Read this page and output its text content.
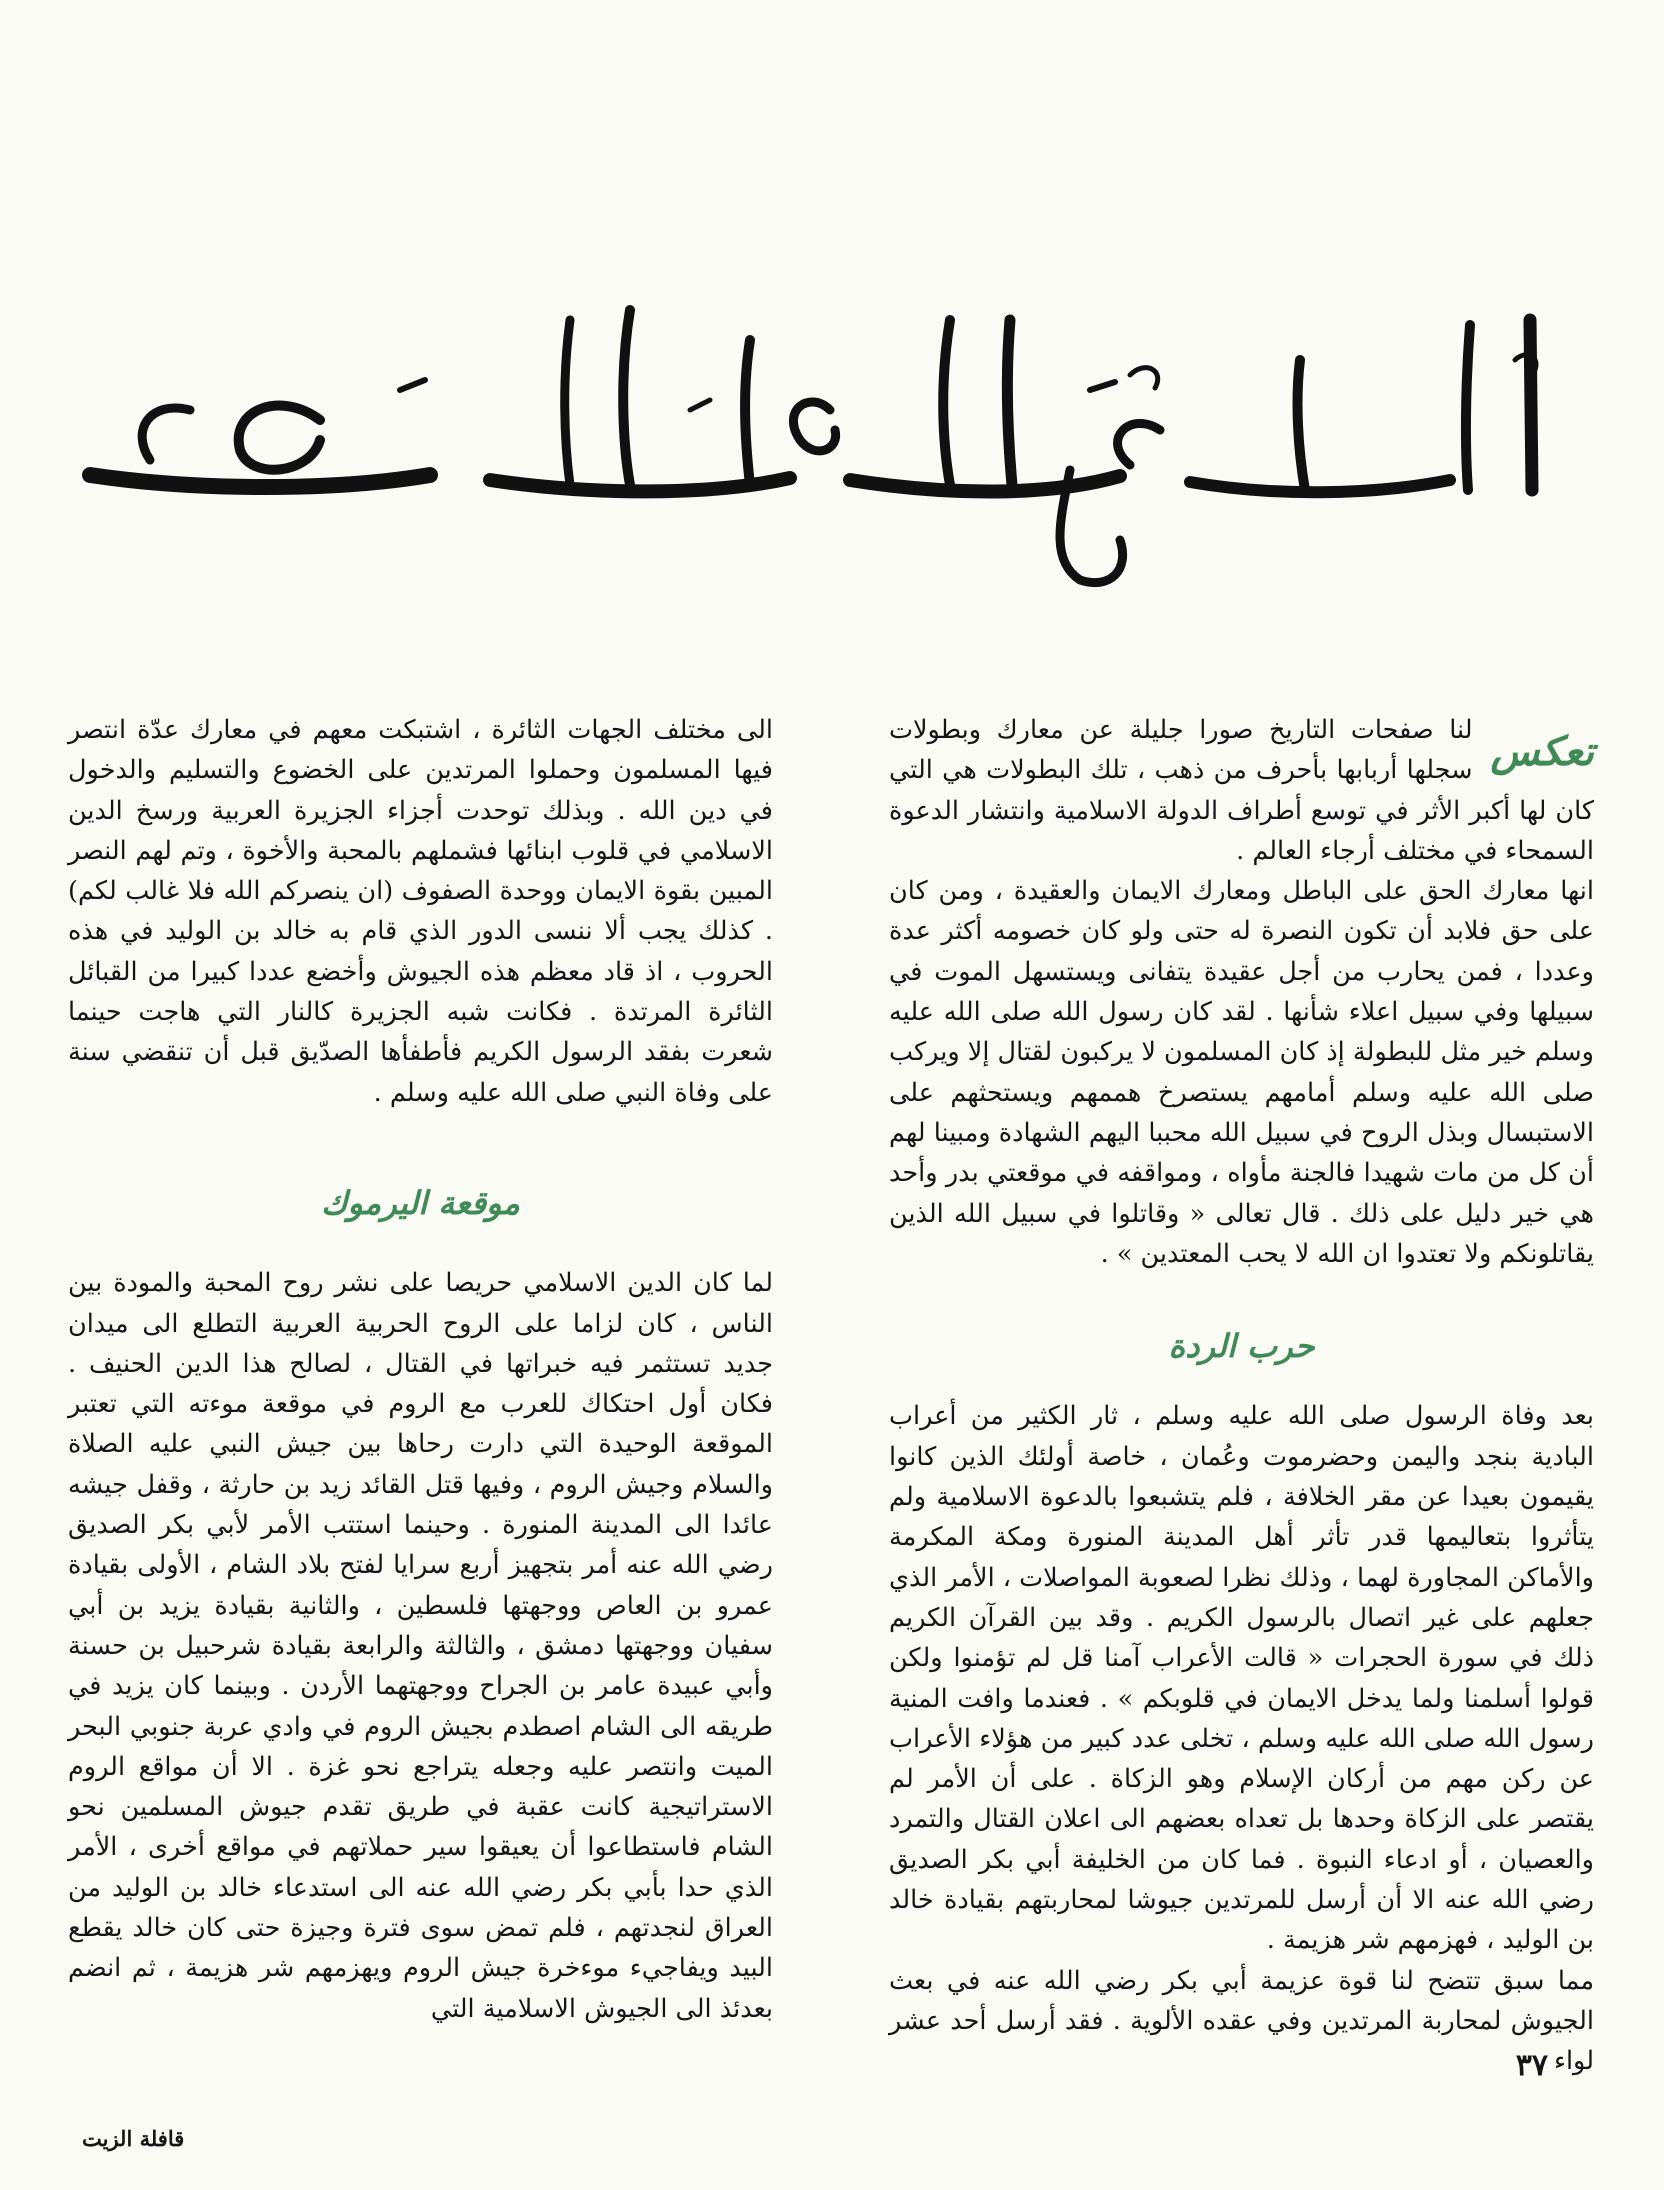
تعكس

لنا صفحات التاريخ صورا جليلة عن معارك وبطولات سجلها أربابها بأحرف من ذهب ، تلك البطولات هي التي كان لها أكبر الأثر في توسع أطراف الدولة الاسلامية وانتشار الدعوة السمحاء في مختلف أرجاء العالم .

انها معارك الحق على الباطل ومعارك الايمان والعقيدة ، ومن كان على حق فلابد أن تكون النصرة له حتى ولو كان خصومه أكثر عدة وعددا ، فمن يحارب من أجل عقيدة يتفانى ويستسهل الموت في سبيلها وفي سبيل اعلاء شأنها . لقد كان رسول الله صلى الله عليه وسلم خير مثل للبطولة إذ كان المسلمون لا يركبون لقتال إلا ويركب صلى الله عليه وسلم أمامهم يستصرخ هممهم ويستحثهم على الاستبسال وبذل الروح في سبيل الله محببا اليهم الشهادة ومبينا لهم أن كل من مات شهيدا فالجنة مأواه ، ومواقفه في موقعتي بدر وأحد هي خير دليل على ذلك . قال تعالى « وقاتلوا في سبيل الله الذين يقاتلونكم ولا تعتدوا ان الله لا يحب المعتدين » .

حرب الردة

بعد وفاة الرسول صلى الله عليه وسلم ، ثار الكثير من أعراب البادية بنجد واليمن وحضرموت وعُمان ، خاصة أولئك الذين كانوا يقيمون بعيدا عن مقر الخلافة ، فلم يتشبعوا بالدعوة الاسلامية ولم يتأثروا بتعاليمها قدر تأثر أهل المدينة المنورة ومكة المكرمة والأماكن المجاورة لهما ، وذلك نظرا لصعوبة المواصلات ، الأمر الذي جعلهم على غير اتصال بالرسول الكريم . وقد بين القرآن الكريم ذلك في سورة الحجرات « قالت الأعراب آمنا قل لم تؤمنوا ولكن قولوا أسلمنا ولما يدخل الايمان في قلوبكم » . فعندما وافت المنية رسول الله صلى الله عليه وسلم ، تخلى عدد كبير من هؤلاء الأعراب عن ركن مهم من أركان الإسلام وهو الزكاة . على أن الأمر لم يقتصر على الزكاة وحدها بل تعداه بعضهم الى اعلان القتال والتمرد والعصيان ، أو ادعاء النبوة . فما كان من الخليفة أبي بكر الصديق رضي الله عنه الا أن أرسل للمرتدين جيوشا لمحاربتهم بقيادة خالد بن الوليد ، فهزمهم شر هزيمة .

مما سبق تتضح لنا قوة عزيمة أبي بكر رضي الله عنه في بعث الجيوش لمحاربة المرتدين وفي عقده الألوية . فقد أرسل أحد عشر لواء

الى مختلف الجهات الثائرة ، اشتبكت معهم في معارك عدّة انتصر فيها المسلمون وحملوا المرتدين على الخضوع والتسليم والدخول في دين الله . وبذلك توحدت أجزاء الجزيرة العربية ورسخ الدين الاسلامي في قلوب ابنائها فشملهم بالمحبة والأخوة ، وتم لهم النصر المبين بقوة الايمان ووحدة الصفوف (ان ينصركم الله فلا غالب لكم) . كذلك يجب ألا ننسى الدور الذي قام به خالد بن الوليد في هذه الحروب ، اذ قاد معظم هذه الجيوش وأخضع عددا كبيرا من القبائل الثائرة المرتدة . فكانت شبه الجزيرة كالنار التي هاجت حينما شعرت بفقد الرسول الكريم فأطفأها الصدّيق قبل أن تنقضي سنة على وفاة النبي صلى الله عليه وسلم .

موقعة اليرموك

لما كان الدين الاسلامي حريصا على نشر روح المحبة والمودة بين الناس ، كان لزاما على الروح الحربية العربية التطلع الى ميدان جديد تستثمر فيه خبراتها في القتال ، لصالح هذا الدين الحنيف . فكان أول احتكاك للعرب مع الروم في موقعة موءته التي تعتبر الموقعة الوحيدة التي دارت رحاها بين جيش النبي عليه الصلاة والسلام وجيش الروم ، وفيها قتل القائد زيد بن حارثة ، وقفل جيشه عائدا الى المدينة المنورة . وحينما استتب الأمر لأبي بكر الصديق رضي الله عنه أمر بتجهيز أربع سرايا لفتح بلاد الشام ، الأولى بقيادة عمرو بن العاص ووجهتها فلسطين ، والثانية بقيادة يزيد بن أبي سفيان ووجهتها دمشق ، والثالثة والرابعة بقيادة شرحبيل بن حسنة وأبي عبيدة عامر بن الجراح ووجهتهما الأردن . وبينما كان يزيد في طريقه الى الشام اصطدم بجيش الروم في وادي عربة جنوبي البحر الميت وانتصر عليه وجعله يتراجع نحو غزة . الا أن مواقع الروم الاستراتيجية كانت عقبة في طريق تقدم جيوش المسلمين نحو الشام فاستطاعوا أن يعيقوا سير حملاتهم في مواقع أخرى ، الأمر الذي حدا بأبي بكر رضي الله عنه الى استدعاء خالد بن الوليد من العراق لنجدتهم ، فلم تمض سوى فترة وجيزة حتى كان خالد يقطع البيد ويفاجيء موءخرة جيش الروم ويهزمهم شر هزيمة ، ثم انضم بعدئذ الى الجيوش الاسلامية التي

٣٧
قافلة الزيت
